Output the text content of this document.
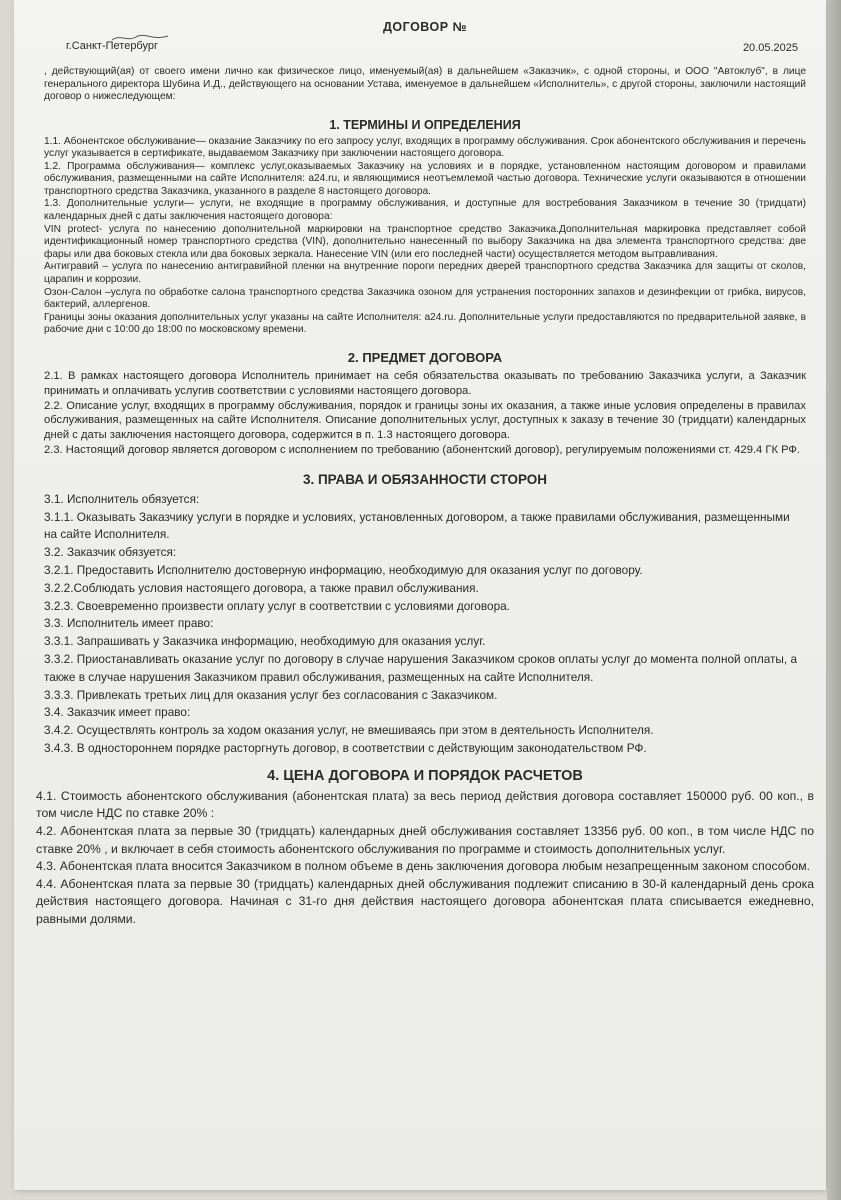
ДОГОВОР №
г.Санкт-Петербург	20.05.2025

, действующий(ая) от своего имени лично как физическое лицо, именуемый(ая) в дальнейшем «Заказчик», с одной стороны, и ООО "Автоклуб", в лице генерального директора Шубина И.Д., действующего на основании Устава, именуемое в дальнейшем «Исполнитель», с другой стороны, заключили настоящий договор о нижеследующем:

1. ТЕРМИНЫ И ОПРЕДЕЛЕНИЯ

1.1. Абонентское обслуживание— оказание Заказчику по его запросу услуг, входящих в программу обслуживания. Срок абонентского обслуживания и перечень услуг указывается в сертификате, выдаваемом Заказчику при заключении настоящего договора.

1.2. Программа обслуживания— комплекс услуг,оказываемых Заказчику на условиях и в порядке, установленном настоящим договором и правилами обслуживания, размещенными на сайте Исполнителя: a24.ru, и являющимися неотъемлемой частью договора. Технические услуги оказываются в отношении транспортного средства Заказчика, указанного в разделе 8 настоящего договора.

1.3. Дополнительные услуги— услуги, не входящие в программу обслуживания, и доступные для востребования Заказчиком в течение 30 (тридцати) календарных дней с даты заключения настоящего договора:

VIN protect- услуга по нанесению дополнительной маркировки на транспортное средство Заказчика.Дополнительная маркировка представляет собой идентификационный номер транспортного средства (VIN), дополнительно нанесенный по выбору Заказчика на два элемента транспортного средства: две фары или два боковых стекла или два боковых зеркала. Нанесение VIN (или его последней части) осуществляется методом вытравливания.

Антигравий – услуга по нанесению антигравийной пленки на внутренние пороги передних дверей транспортного средства Заказчика для защиты от сколов, царапин и коррозии.

Озон-Салон –услуга по обработке салона транспортного средства Заказчика озоном для устранения посторонних запахов и дезинфекции от грибка, вирусов, бактерий, аллергенов.

Границы зоны оказания дополнительных услуг указаны на сайте Исполнителя: a24.ru. Дополнительные услуги предоставляются по предварительной заявке, в рабочие дни с 10:00 до 18:00 по московскому времени.

2. ПРЕДМЕТ ДОГОВОРА

2.1. В рамках настоящего договора Исполнитель принимает на себя обязательства оказывать по требованию Заказчика услуги, а Заказчик принимать и оплачивать услугив соответствии с условиями настоящего договора.

2.2. Описание услуг, входящих в программу обслуживания, порядок и границы зоны их оказания, а также иные условия определены в правилах обслуживания, размещенных на сайте Исполнителя. Описание дополнительных услуг, доступных к заказу в течение 30 (тридцати) календарных дней с даты заключения настоящего договора, содержится в п. 1.3 настоящего договора.

2.3. Настоящий договор является договором с исполнением по требованию (абонентский договор), регулируемым положениями ст. 429.4 ГК РФ.

3. ПРАВА И ОБЯЗАННОСТИ СТОРОН

3.1. Исполнитель обязуется:

3.1.1. Оказывать Заказчику услуги в порядке и условиях, установленных договором, а также правилами обслуживания, размещенными на сайте Исполнителя.

3.2. Заказчик обязуется:

3.2.1. Предоставить Исполнителю достоверную информацию, необходимую для оказания услуг по договору.

3.2.2.Соблюдать условия настоящего договора, а также правил обслуживания.

3.2.3. Своевременно произвести оплату услуг в соответствии с условиями договора.

3.3. Исполнитель имеет право:

3.3.1. Запрашивать у Заказчика информацию, необходимую для оказания услуг.

3.3.2. Приостанавливать оказание услуг по договору в случае нарушения Заказчиком сроков оплаты услуг до момента полной оплаты, а также в случае нарушения Заказчиком правил обслуживания, размещенных на сайте Исполнителя.

3.3.3. Привлекать третьих лиц для оказания услуг без согласования с Заказчиком.

3.4. Заказчик имеет право:

3.4.2. Осуществлять контроль за ходом оказания услуг, не вмешиваясь при этом в деятельность Исполнителя.

3.4.3. В одностороннем порядке расторгнуть договор, в соответствии с действующим законодательством РФ.

4. ЦЕНА ДОГОВОРА И ПОРЯДОК РАСЧЕТОВ

4.1. Стоимость абонентского обслуживания (абонентская плата) за весь период действия договора составляет 150000 руб. 00 коп., в том числе НДС по ставке 20% :

4.2. Абонентская плата за первые 30 (тридцать) календарных дней обслуживания составляет 13356 руб. 00 коп., в том числе НДС по ставке 20% , и включает в себя стоимость абонентского обслуживания по программе и стоимость дополнительных услуг.

4.3. Абонентская плата вносится Заказчиком в полном объеме в день заключения договора любым незапрещенным законом способом.

4.4. Абонентская плата за первые 30 (тридцать) календарных дней обслуживания подлежит списанию в 30-й календарный день срока действия настоящего договора. Начиная с 31-го дня действия настоящего договора абонентская плата списывается ежедневно, равными долями.
